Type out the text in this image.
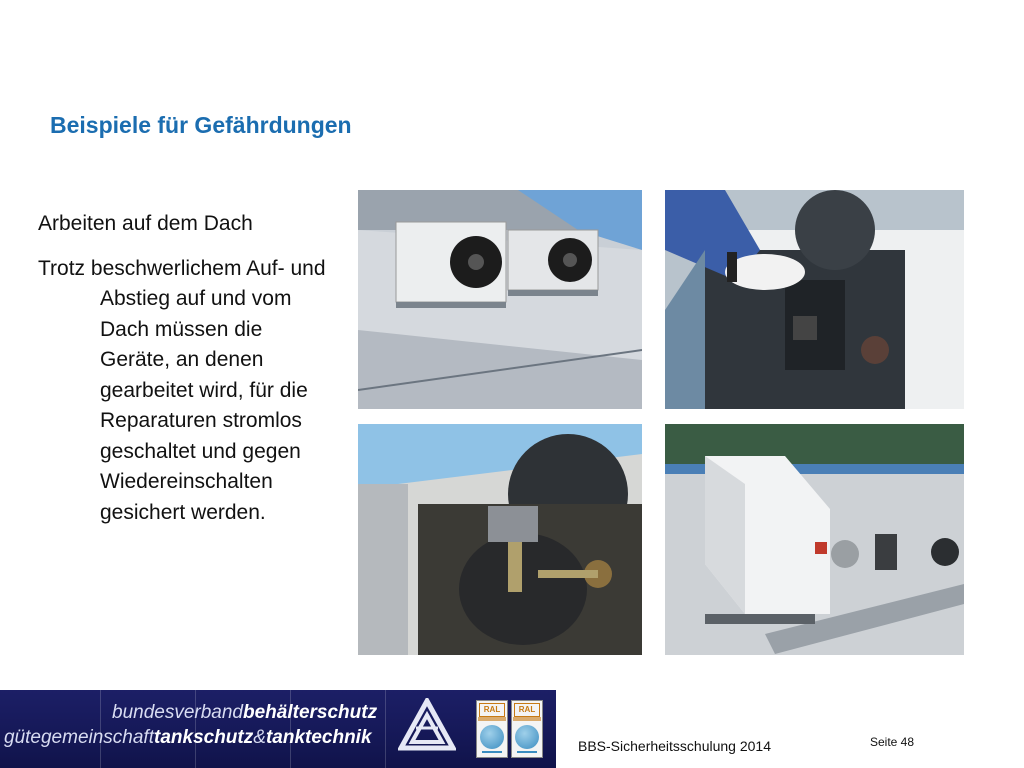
Beispiele für Gefährdungen

Arbeiten auf dem Dach

Trotz beschwerlichem Auf- und Abstieg auf und vom Dach müssen die Geräte, an denen gearbeitet wird, für die Reparaturen stromlos geschaltet und gegen Wiedereinschalten gesichert werden.

bundesverbandbehälterschutz
gütegemeinschafttankschutz&tanktechnik
RAL	RAL
BBS-Sicherheitsschulung 2014	Seite 48
